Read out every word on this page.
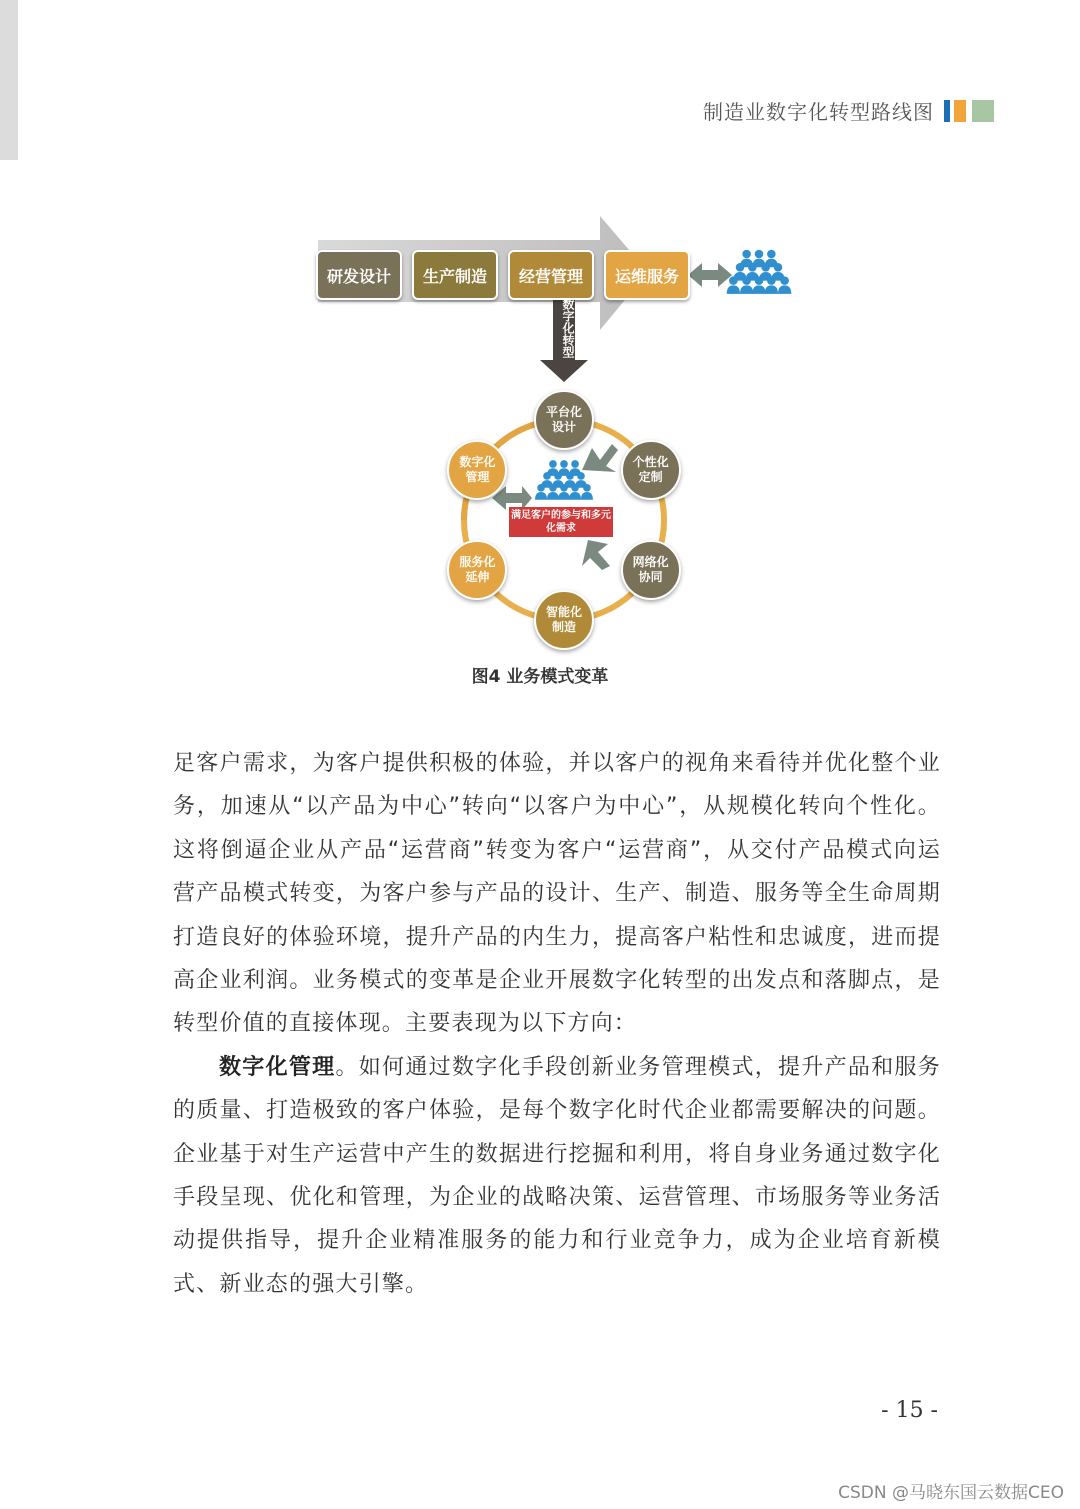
制造业数字化转型路线图
研发设计	生产制造	经营管理	运维服务
数字化转型
平台化
设计
个性化
定制
网络化
协同
智能化
制造
服务化
延伸
数字化
管理
满足客户的参与和多元化需求
图4 业务模式变革

足客户需求，为客户提供积极的体验，并以客户的视角来看待并优化整个业务，加速从“以产品为中心”转向“以客户为中心”，从规模化转向个性化。这将倒逼企业从产品“运营商”转变为客户“运营商”，从交付产品模式向运营产品模式转变，为客户参与产品的设计、生产、制造、服务等全生命周期打造良好的体验环境，提升产品的内生力，提高客户粘性和忠诚度，进而提高企业利润。业务模式的变革是企业开展数字化转型的出发点和落脚点，是转型价值的直接体现。主要表现为以下方向：

数字化管理。如何通过数字化手段创新业务管理模式，提升产品和服务的质量、打造极致的客户体验，是每个数字化时代企业都需要解决的问题。企业基于对生产运营中产生的数据进行挖掘和利用，将自身业务通过数字化手段呈现、优化和管理，为企业的战略决策、运营管理、市场服务等业务活动提供指导，提升企业精准服务的能力和行业竞争力，成为企业培育新模式、新业态的强大引擎。

- 15 -
CSDN @马晓东国云数据CEO
